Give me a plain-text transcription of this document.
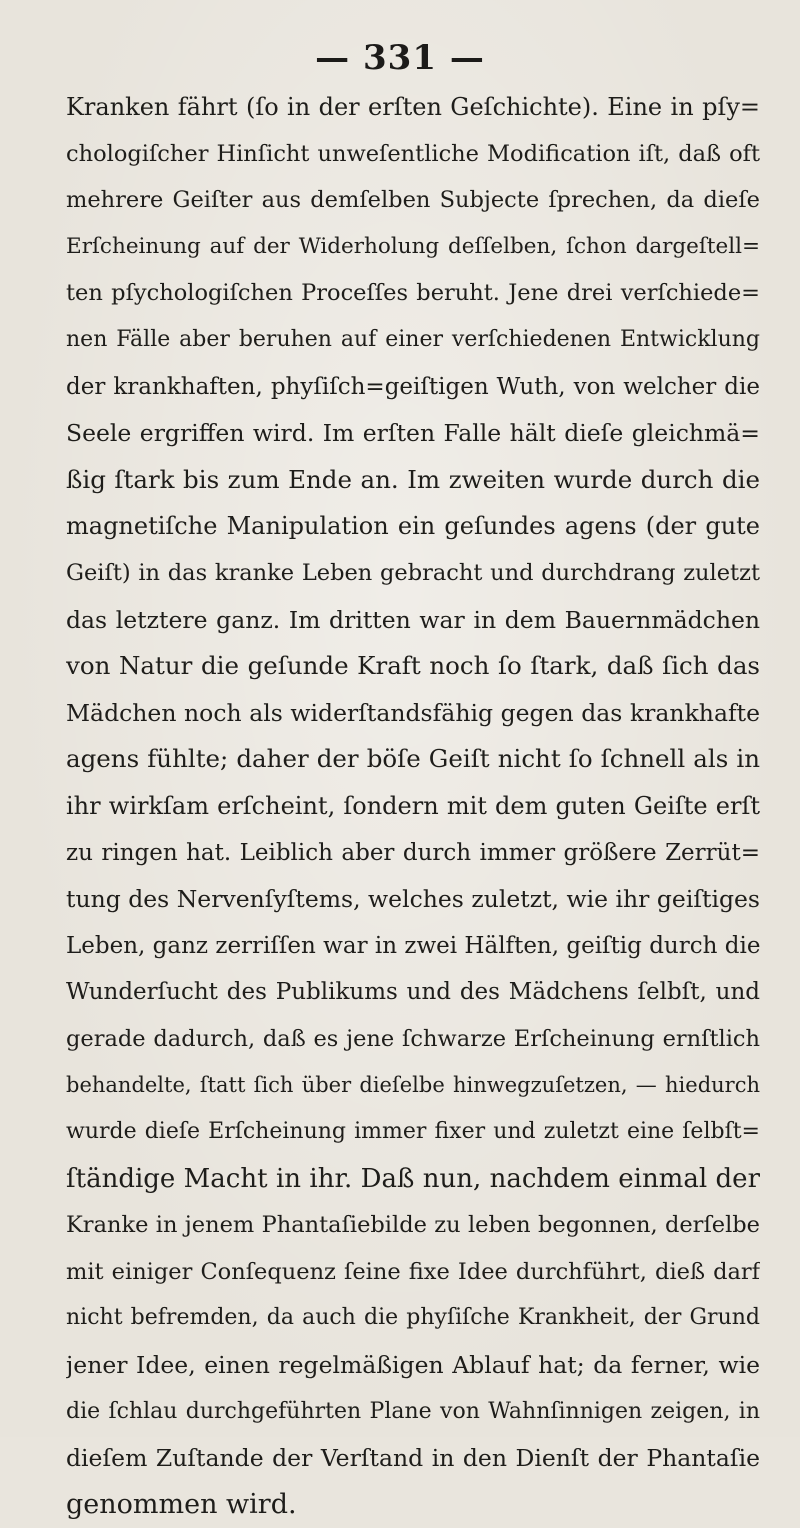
— 331 —
Kranken fährt (ſo in der erſten Geſchichte). Eine in pſy=
chologiſcher Hinſicht unweſentliche Modification iſt, daß oft
mehrere Geiſter aus demſelben Subjecte ſprechen, da dieſe
Erſcheinung auf der Widerholung deſſelben, ſchon dargeſtell=
ten pſychologiſchen Proceſſes beruht. Jene drei verſchiede=
nen Fälle aber beruhen auf einer verſchiedenen Entwicklung
der krankhaften, phyſiſch=geiſtigen Wuth, von welcher die
Seele ergriffen wird. Im erſten Falle hält dieſe gleichmä=
ßig ſtark bis zum Ende an. Im zweiten wurde durch die
magnetiſche Manipulation ein geſundes agens (der gute
Geiſt) in das kranke Leben gebracht und durchdrang zuletzt
das letztere ganz. Im dritten war in dem Bauernmädchen
von Natur die geſunde Kraft noch ſo ſtark, daß ſich das
Mädchen noch als widerſtandsfähig gegen das krankhafte
agens fühlte; daher der böſe Geiſt nicht ſo ſchnell als in
ihr wirkſam erſcheint, ſondern mit dem guten Geiſte erſt
zu ringen hat. Leiblich aber durch immer größere Zerrüt=
tung des Nervenſyſtems, welches zuletzt, wie ihr geiſtiges
Leben, ganz zerriſſen war in zwei Hälften, geiſtig durch die
Wunderſucht des Publikums und des Mädchens ſelbſt, und
gerade dadurch, daß es jene ſchwarze Erſcheinung ernſtlich
behandelte, ſtatt ſich über dieſelbe hinwegzuſetzen, — hiedurch
wurde dieſe Erſcheinung immer fixer und zuletzt eine ſelbſt=
ſtändige Macht in ihr. Daß nun, nachdem einmal der
Kranke in jenem Phantaſiebilde zu leben begonnen, derſelbe
mit einiger Conſequenz ſeine fixe Idee durchführt, dieß darf
nicht befremden, da auch die phyſiſche Krankheit, der Grund
jener Idee, einen regelmäßigen Ablauf hat; da ferner, wie
die ſchlau durchgeführten Plane von Wahnſinnigen zeigen, in
dieſem Zuſtande der Verſtand in den Dienſt der Phantaſie
genommen wird.
